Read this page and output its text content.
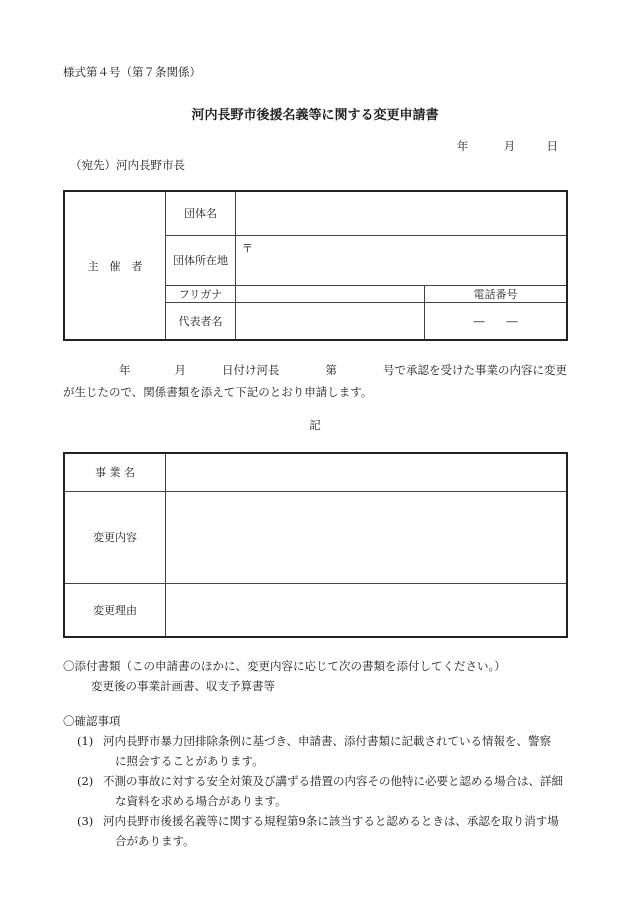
様式第４号（第７条関係）
河内長野市後援名義等に関する変更申請書
年	月	日
（宛先）河内長野市長
主　催　者	団体名		
	団体所在地	〒	
	フリガナ		電話番号
	代表者名		―　　―
年	月	日付け河長	第	号で承認を受けた事業の内容に変更
が生じたので、関係書類を添えて下記のとおり申請します。
記
事 業 名	
変更内容	
変更理由	
〇添付書類（この申請書のほかに、変更内容に応じて次の書類を添付してください。）
変更後の事業計画書、収支予算書等
〇確認事項
(1) 河内長野市暴力団排除条例に基づき、申請書、添付書類に記載されている情報を、警察
に照会することがあります。
(2) 不測の事故に対する安全対策及び講ずる措置の内容その他特に必要と認める場合は、詳細
な資料を求める場合があります。
(3) 河内長野市後援名義等に関する規程第9条に該当すると認めるときは、承認を取り消す場
合があります。
